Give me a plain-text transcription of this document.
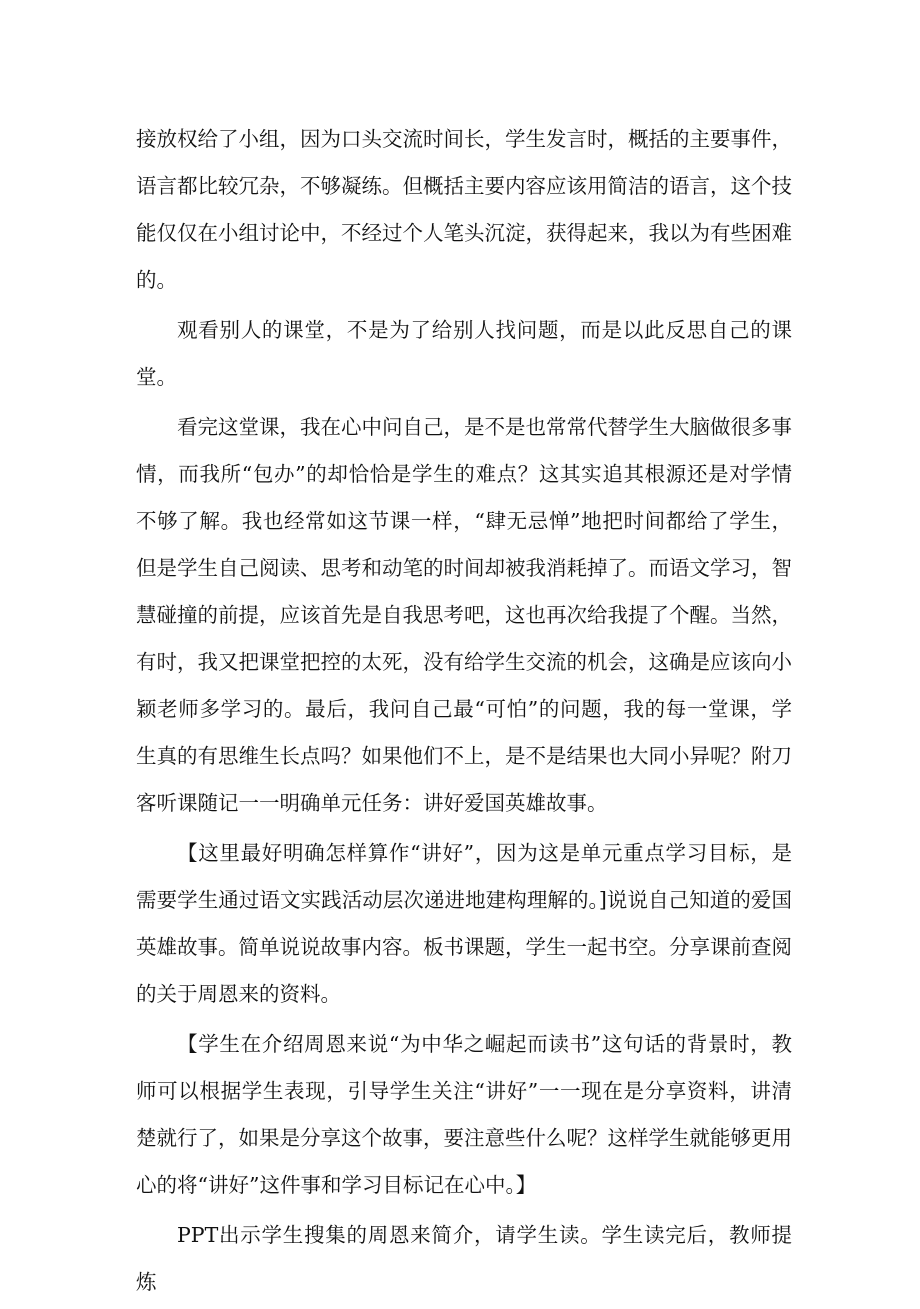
接放权给了小组，因为口头交流时间长，学生发言时，概括的主要事件，语言都比较冗杂，不够凝练。但概括主要内容应该用简洁的语言，这个技能仅仅在小组讨论中，不经过个人笔头沉淀，获得起来，我以为有些困难的。

观看别人的课堂，不是为了给别人找问题，而是以此反思自己的课堂。

看完这堂课，我在心中问自己，是不是也常常代替学生大脑做很多事情，而我所“包办”的却恰恰是学生的难点？这其实追其根源还是对学情不够了解。我也经常如这节课一样，“肆无忌惮”地把时间都给了学生，但是学生自己阅读、思考和动笔的时间却被我消耗掉了。而语文学习，智慧碰撞的前提，应该首先是自我思考吧，这也再次给我提了个醒。当然，有时，我又把课堂把控的太死，没有给学生交流的机会，这确是应该向小颖老师多学习的。最后，我问自己最“可怕”的问题，我的每一堂课，学生真的有思维生长点吗？如果他们不上，是不是结果也大同小异呢？附刀客听课随记一一明确单元任务：讲好爱国英雄故事。

【这里最好明确怎样算作“讲好”，因为这是单元重点学习目标，是需要学生通过语文实践活动层次递进地建构理解的。]说说自己知道的爱国英雄故事。简单说说故事内容。板书课题，学生一起书空。分享课前查阅的关于周恩来的资料。

【学生在介绍周恩来说“为中华之崛起而读书”这句话的背景时，教师可以根据学生表现，引导学生关注“讲好”一一现在是分享资料，讲清楚就行了，如果是分享这个故事，要注意些什么呢？这样学生就能够更用心的将“讲好”这件事和学习目标记在心中。】

PPT出示学生搜集的周恩来简介，请学生读。学生读完后，教师提炼
